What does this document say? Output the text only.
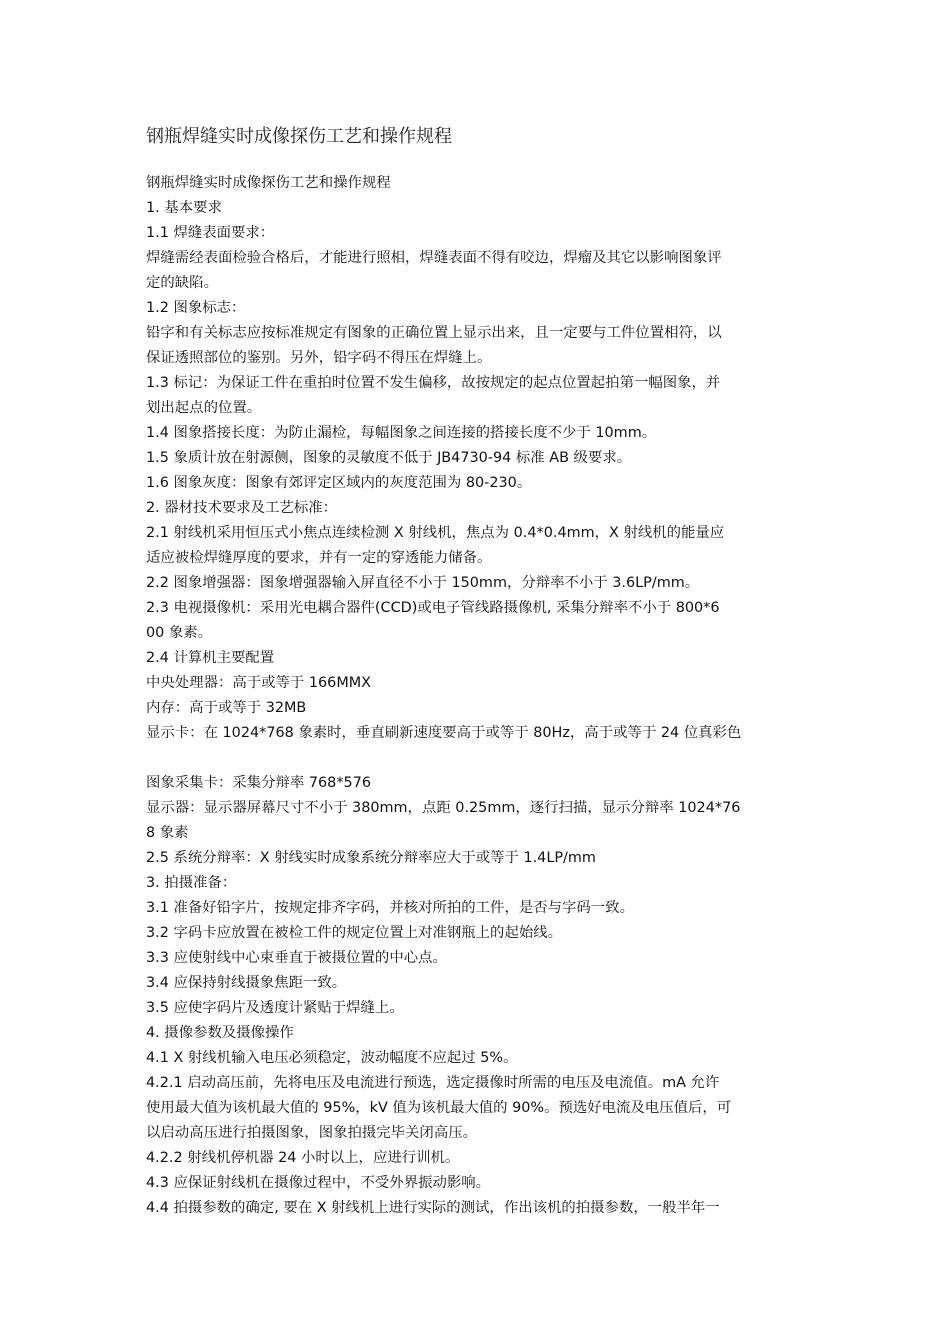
钢瓶焊缝实时成像探伤工艺和操作规程
钢瓶焊缝实时成像探伤工艺和操作规程
1. 基本要求
1.1 焊缝表面要求：
焊缝需经表面检验合格后，才能进行照相，焊缝表面不得有咬边，焊瘤及其它以影响图象评
定的缺陷。
1.2 图象标志：
铅字和有关标志应按标准规定有图象的正确位置上显示出来，且一定要与工件位置相符，以
保证透照部位的鉴别。另外，铅字码不得压在焊缝上。
1.3 标记：为保证工件在重拍时位置不发生偏移，故按规定的起点位置起拍第一幅图象，并
划出起点的位置。
1.4 图象搭接长度：为防止漏检，每幅图象之间连接的搭接长度不少于 10mm。
1.5 象质计放在射源侧，图象的灵敏度不低于 JB4730-94 标准 AB 级要求。
1.6 图象灰度：图象有郊评定区域内的灰度范围为 80-230。
2. 器材技术要求及工艺标准：
2.1 射线机采用恒压式小焦点连续检测 X 射线机，焦点为 0.4*0.4mm，X 射线机的能量应
适应被检焊缝厚度的要求，并有一定的穿透能力储备。
2.2 图象增强器：图象增强器输入屏直径不小于 150mm，分辩率不小于 3.6LP/mm。
2.3 电视摄像机：采用光电耦合器件(CCD)或电子管线路摄像机, 采集分辩率不小于 800*6
00 象素。
2.4 计算机主要配置
中央处理器：高于或等于 166MMX
内存：高于或等于 32MB
显示卡：在 1024*768 象素时，垂直刷新速度要高于或等于 80Hz，高于或等于 24 位真彩色
图象采集卡：采集分辩率 768*576
显示器：显示器屏幕尺寸不小于 380mm，点距 0.25mm，逐行扫描，显示分辩率 1024*76
8 象素
2.5 系统分辩率：X 射线实时成象系统分辩率应大于或等于 1.4LP/mm
3. 拍摄准备：
3.1 准备好铅字片，按规定排齐字码，并核对所拍的工件，是否与字码一致。
3.2 字码卡应放置在被检工件的规定位置上对准钢瓶上的起始线。
3.3 应使射线中心束垂直于被摄位置的中心点。
3.4 应保持射线摄象焦距一致。
3.5 应使字码片及透度计紧贴于焊缝上。
4. 摄像参数及摄像操作
4.1 X 射线机输入电压必须稳定，波动幅度不应起过 5%。
4.2.1 启动高压前，先将电压及电流进行预选，选定摄像时所需的电压及电流值。mA 允许
使用最大值为该机最大值的 95%，kV 值为该机最大值的 90%。预选好电流及电压值后，可
以启动高压进行拍摄图象，图象拍摄完毕关闭高压。
4.2.2 射线机停机器 24 小时以上，应进行训机。
4.3 应保证射线机在摄像过程中，不受外界振动影响。
4.4 拍摄参数的确定, 要在 X 射线机上进行实际的测试，作出该机的拍摄参数，一般半年一
